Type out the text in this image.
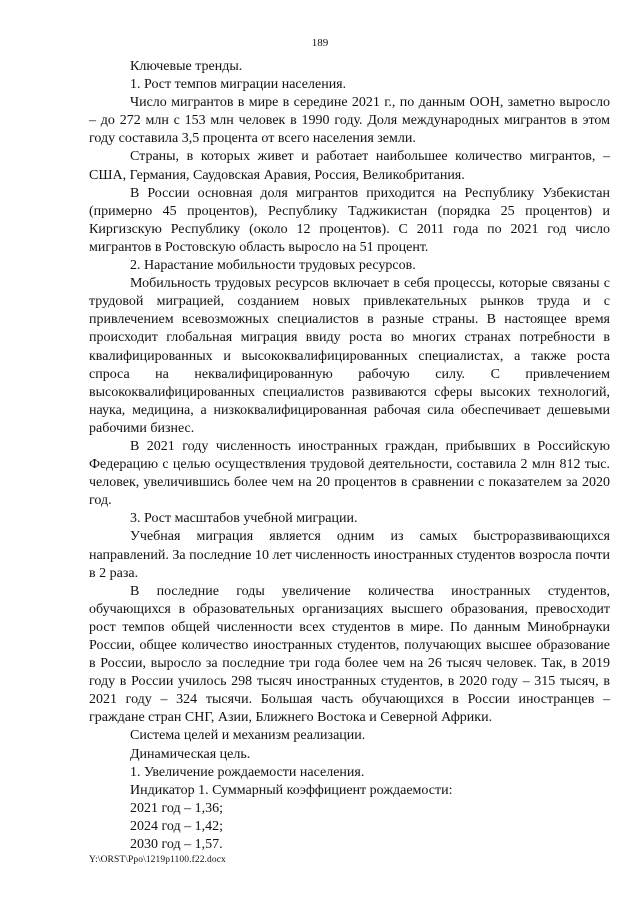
189

Ключевые тренды.

1. Рост темпов миграции населения.

Число мигрантов в мире в середине 2021 г., по данным ООН, заметно выросло – до 272 млн с 153 млн человек в 1990 году. Доля международных мигрантов в этом году составила 3,5 процента от всего населения земли.

Страны, в которых живет и работает наибольшее количество мигрантов, – США, Германия, Саудовская Аравия, Россия, Великобритания.

В России основная доля мигрантов приходится на Республику Узбекистан (примерно 45 процентов), Республику Таджикистан (порядка 25 процентов) и Киргизскую Республику (около 12 процентов). С 2011 года по 2021 год число мигрантов в Ростовскую область выросло на 51 процент.

2. Нарастание мобильности трудовых ресурсов.

Мобильность трудовых ресурсов включает в себя процессы, которые связаны с трудовой миграцией, созданием новых привлекательных рынков труда и с привлечением всевозможных специалистов в разные страны. В настоящее время происходит глобальная миграция ввиду роста во многих странах потребности в квалифицированных и высококвалифицированных специалистах, а также роста спроса на неквалифицированную рабочую силу. С привлечением высококвалифицированных специалистов развиваются сферы высоких технологий, наука, медицина, а низкоквалифицированная рабочая сила обеспечивает дешевыми рабочими бизнес.

В 2021 году численность иностранных граждан, прибывших в Российскую Федерацию с целью осуществления трудовой деятельности, составила 2 млн 812 тыс. человек, увеличившись более чем на 20 процентов в сравнении с показателем за 2020 год.

3. Рост масштабов учебной миграции.

Учебная миграция является одним из самых быстроразвивающихся направлений. За последние 10 лет численность иностранных студентов возросла почти в 2 раза.

В последние годы увеличение количества иностранных студентов, обучающихся в образовательных организациях высшего образования, превосходит рост темпов общей численности всех студентов в мире. По данным Минобрнауки России, общее количество иностранных студентов, получающих высшее образование в России, выросло за последние три года более чем на 26 тысяч человек. Так, в 2019 году в России училось 298 тысяч иностранных студентов, в 2020 году – 315 тысяч, в 2021 году – 324 тысячи. Большая часть обучающихся в России иностранцев – граждане стран СНГ, Азии, Ближнего Востока и Северной Африки.

Система целей и механизм реализации.

Динамическая цель.

1. Увеличение рождаемости населения.

Индикатор 1. Суммарный коэффициент рождаемости:

2021 год – 1,36;

2024 год – 1,42;

2030 год – 1,57.

Y:\ORST\Ppo\1219p1100.f22.docx
